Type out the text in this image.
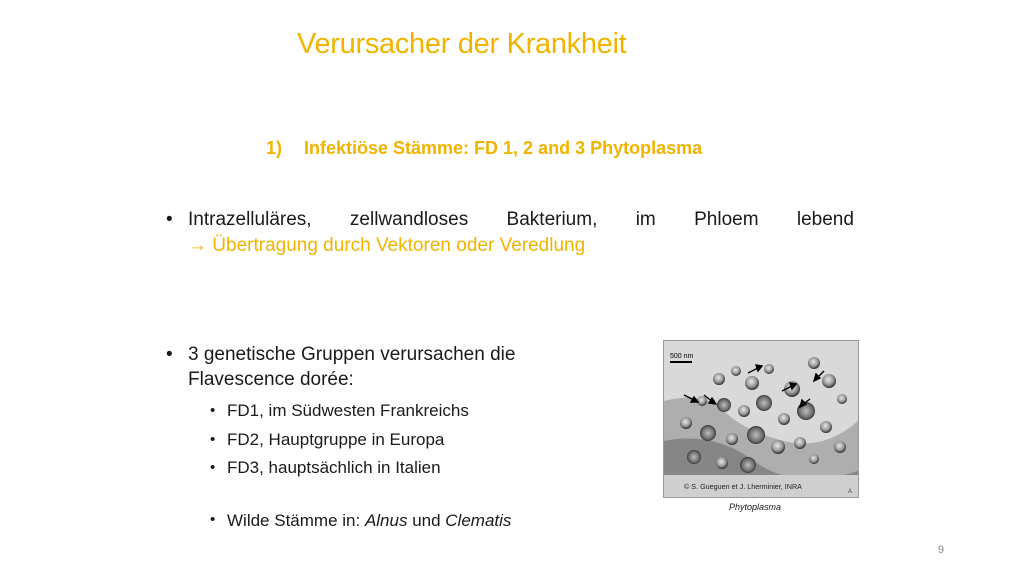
Verursacher der Krankheit
1) Infektiöse Stämme: FD 1, 2 and 3 Phytoplasma
• Intrazelluläres, zellwandloses Bakterium, im Phloem lebend
→ Übertragung durch Vektoren oder Veredlung
• 3 genetische Gruppen verursachen die Flavescence dorée:
• FD1, im Südwesten Frankreichs
• FD2, Hauptgruppe in Europa
• FD3, hauptsächlich in Italien
• Wilde Stämme in: Alnus und Clematis
500 nm
© S. Gueguen et J. Lherminier, INRA
A
Phytoplasma
9
